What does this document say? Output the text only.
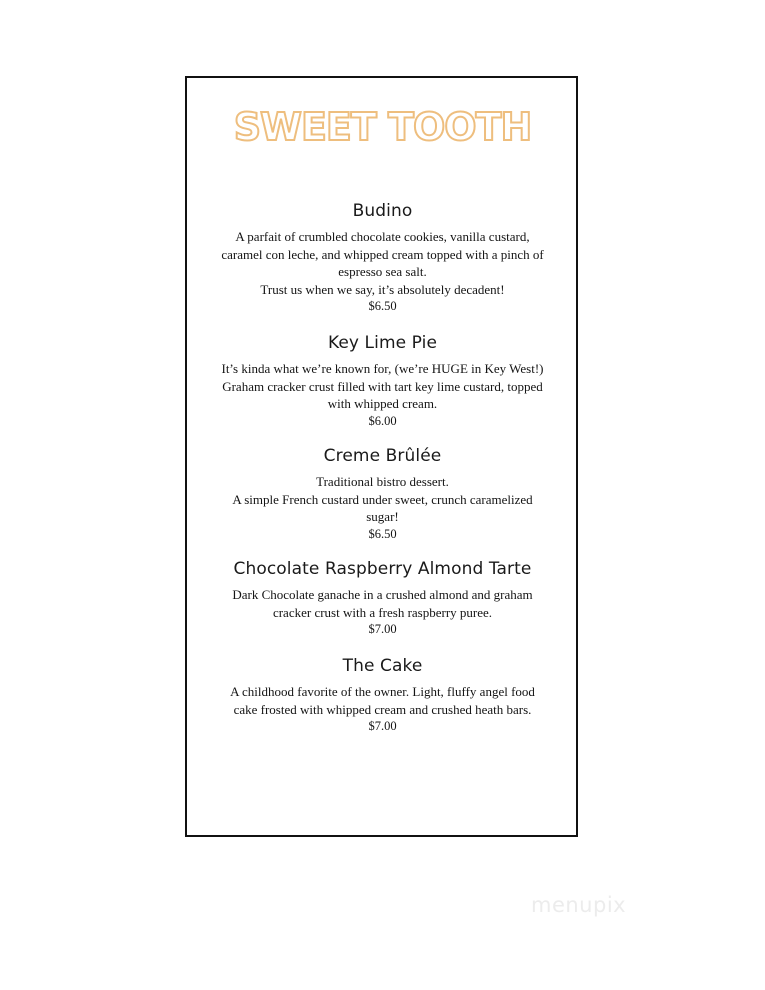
SWEET TOOTH
Budino
A parfait of crumbled chocolate cookies, vanilla custard,
caramel con leche, and whipped cream topped with a pinch of
espresso sea salt.
Trust us when we say, it’s absolutely decadent!
$6.50
Key Lime Pie
It’s kinda what we’re known for, (we’re HUGE in Key West!)
Graham cracker crust filled with tart key lime custard, topped
with whipped cream.
$6.00
Creme Brûlée
Traditional bistro dessert.
A simple French custard under sweet, crunch caramelized
sugar!
$6.50
Chocolate Raspberry Almond Tarte
Dark Chocolate ganache in a crushed almond and graham
cracker crust with a fresh raspberry puree.
$7.00
The Cake
A childhood favorite of the owner. Light, fluffy angel food
cake frosted with whipped cream and crushed heath bars.
$7.00
menupix
